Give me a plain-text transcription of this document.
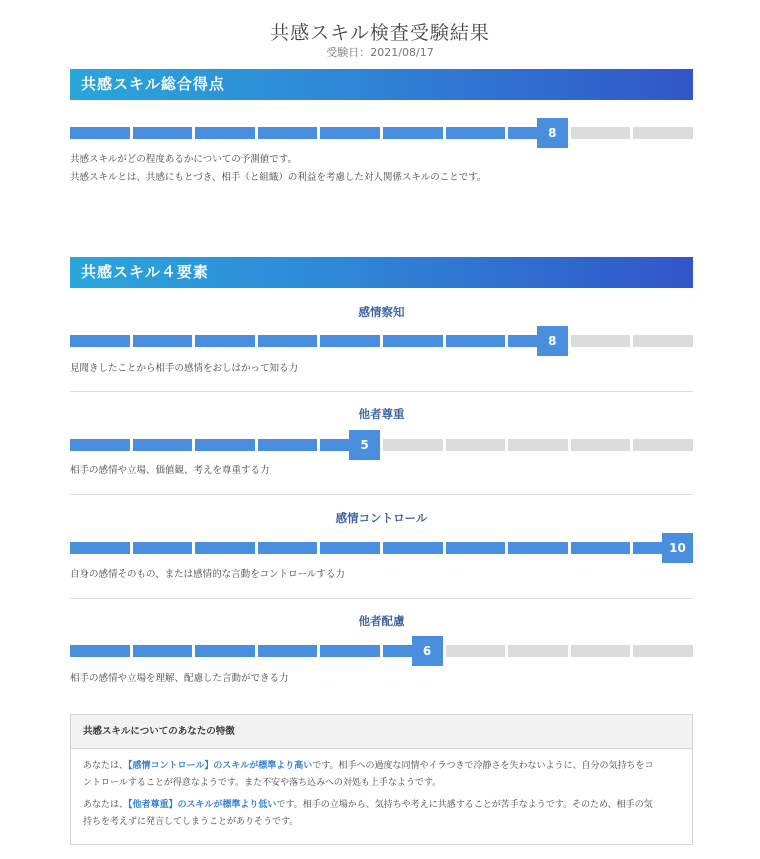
共感スキル検査受験結果
受験日：2021/08/17
共感スキル総合得点
8
共感スキルがどの程度あるかについての予測値です。
共感スキルとは、共感にもとづき、相手（と組織）の利益を考慮した対人関係スキルのことです。
共感スキル４要素
感情察知
8
見聞きしたことから相手の感情をおしはかって知る力
他者尊重
5
相手の感情や立場、価値観、考えを尊重する力
感情コントロール
10
自身の感情そのもの、または感情的な言動をコントロールする力
他者配慮
6
相手の感情や立場を理解、配慮した言動ができる力
共感スキルについてのあなたの特徴
あなたは、【感情コントロール】のスキルが標準より高いです。相手への過度な同情やイラつきで冷静さを失わないように、自分の気持ちをコ
ントロールすることが得意なようです。また不安や落ち込みへの対処も上手なようです。
あなたは、【他者尊重】のスキルが標準より低いです。相手の立場から、気持ちや考えに共感することが苦手なようです。そのため、相手の気
持ちを考えずに発言してしまうことがありそうです。
